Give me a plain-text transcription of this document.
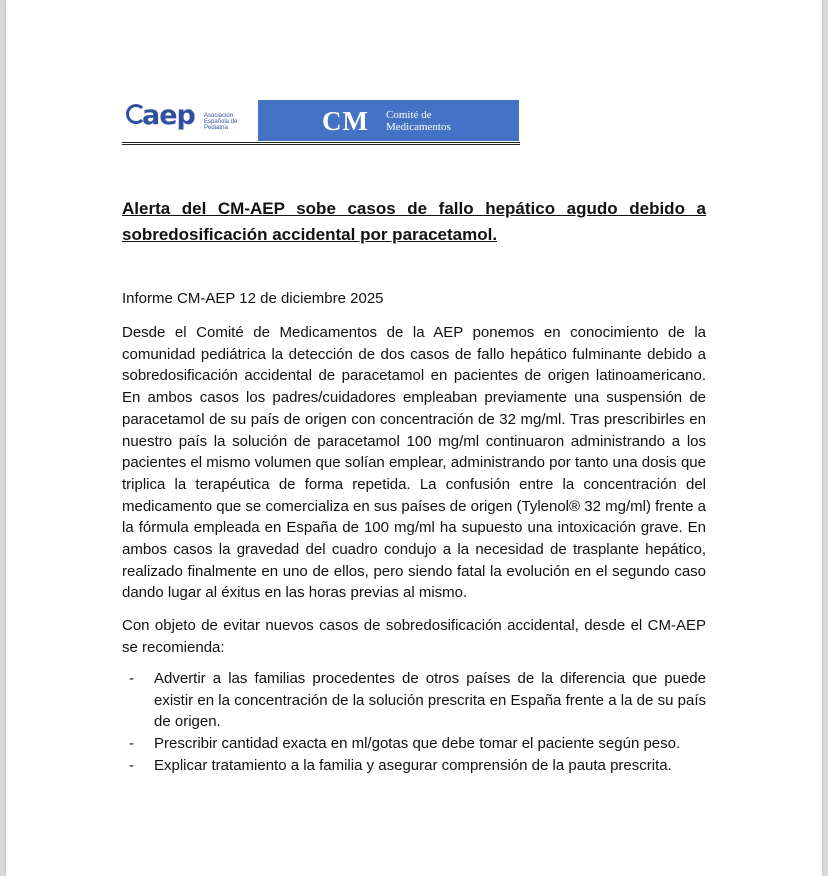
aep Asociación Española de Pediatría	CM Comité de
Medicamentos
Alerta del CM-AEP sobe casos de fallo hepático agudo debido a sobredosificación accidental por paracetamol.
Informe CM-AEP 12 de diciembre 2025
Desde el Comité de Medicamentos de la AEP ponemos en conocimiento de la comunidad pediátrica la detección de dos casos de fallo hepático fulminante debido a sobredosificación accidental de paracetamol en pacientes de origen latinoamericano. En ambos casos los padres/cuidadores empleaban previamente una suspensión de paracetamol de su país de origen con concentración de 32 mg/ml. Tras prescribirles en nuestro país la solución de paracetamol 100 mg/ml continuaron administrando a los pacientes el mismo volumen que solían emplear, administrando por tanto una dosis que triplica la terapéutica de forma repetida. La confusión entre la concentración del medicamento que se comercializa en sus países de origen (Tylenol® 32 mg/ml) frente a la fórmula empleada en España de 100 mg/ml ha supuesto una intoxicación grave. En ambos casos la gravedad del cuadro condujo a la necesidad de trasplante hepático, realizado finalmente en uno de ellos, pero siendo fatal la evolución en el segundo caso dando lugar al éxitus en las horas previas al mismo.
Con objeto de evitar nuevos casos de sobredosificación accidental, desde el CM-AEP se recomienda:
- Advertir a las familias procedentes de otros países de la diferencia que puede existir en la concentración de la solución prescrita en España frente a la de su país de origen.
- Prescribir cantidad exacta en ml/gotas que debe tomar el paciente según peso.
- Explicar tratamiento a la familia y asegurar comprensión de la pauta prescrita.
